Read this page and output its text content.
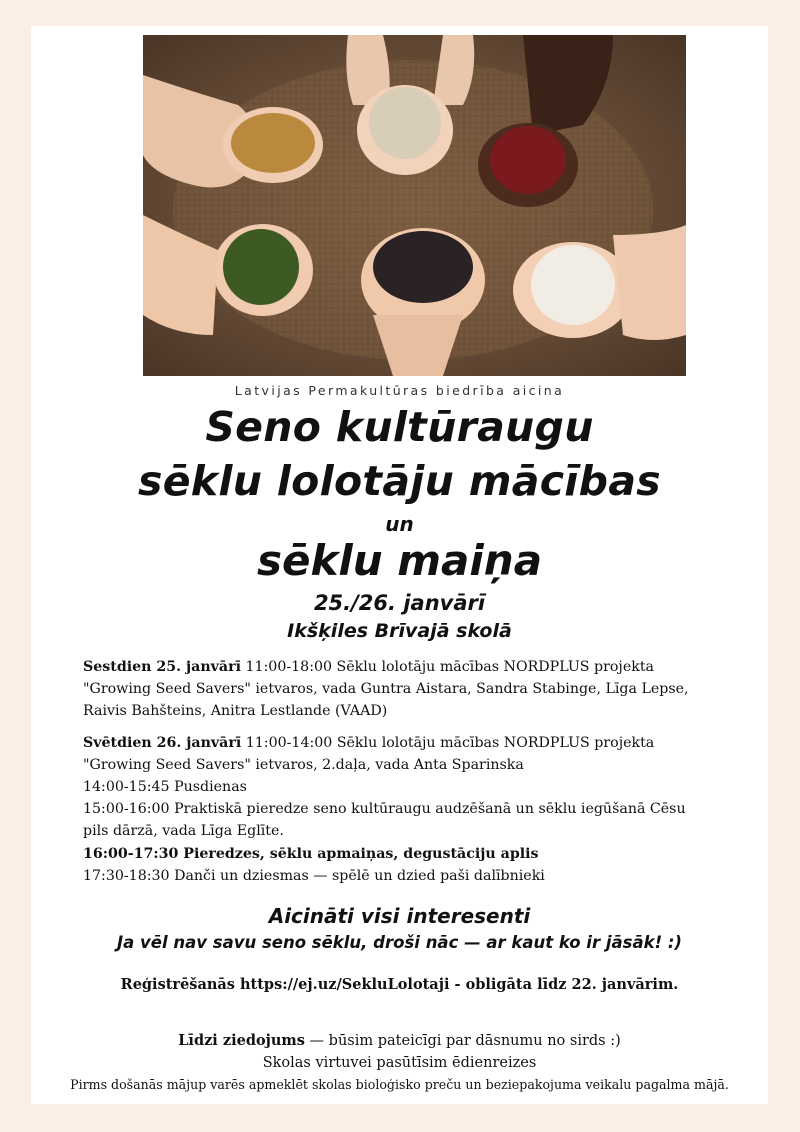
Latvijas Permakultūras biedrība aicina
Seno kultūraugu
sēklu lolotāju mācības
un
sēklu maiņa
25./26. janvārī
Ikšķiles Brīvajā skolā

Sestdien 25. janvārī 11:00-18:00 Sēklu lolotāju mācības NORDPLUS projekta
"Growing Seed Savers" ietvaros, vada Guntra Aistara, Sandra Stabinge, Līga Lepse,
Raivis Bahšteins, Anitra Lestlande (VAAD)

Svētdien 26. janvārī 11:00-14:00 Sēklu lolotāju mācības NORDPLUS projekta
"Growing Seed Savers" ietvaros, 2.daļa, vada Anta Sparinska
14:00-15:45 Pusdienas
15:00-16:00 Praktiskā pieredze seno kultūraugu audzēšanā un sēklu iegūšanā Cēsu
pils dārzā, vada Līga Eglīte.
16:00-17:30 Pieredzes, sēklu apmaiņas, degustāciju aplis
17:30-18:30 Danči un dziesmas — spēlē un dzied paši dalībnieki

Aicināti visi interesenti
Ja vēl nav savu seno sēklu, droši nāc — ar kaut ko ir jāsāk! :)
Reģistrēšanās https://ej.uz/SekluLolotaji - obligāta līdz 22. janvārim.
Līdzi ziedojums — būsim pateicīgi par dāsnumu no sirds :)
Skolas virtuvei pasūtīsim ēdienreizes
Pirms došanās mājup varēs apmeklēt skolas bioloģisko preču un beziepakojuma veikalu pagalma mājā.
